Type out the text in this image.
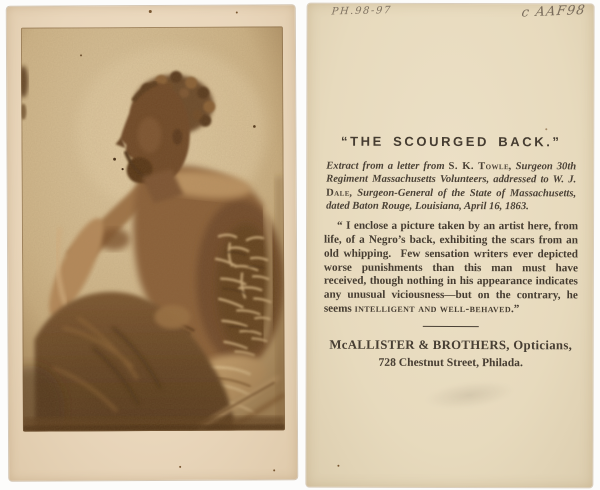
PH.98-97	c AAF98
“THE SCOURGED BACK.”

Extract from a letter from S. K. Towle, Surgeon 30th Regiment Massachusetts Volunteers, addressed to W. J. Dale, Surgeon-General of the State of Massachusetts, dated Baton Rouge, Louisiana, April 16, 1863.

“ I enclose a picture taken by an artist here, from life, of a Negro’s back, exhibiting the scars from an old whipping.  Few sensation writers ever depicted worse punishments than this man must have received, though nothing in his appearance indicates any unusual viciousness—but on the contrary, he seems intelligent and well-behaved.”

McALLISTER & BROTHERS, Opticians,

728 Chestnut Street, Philada.
